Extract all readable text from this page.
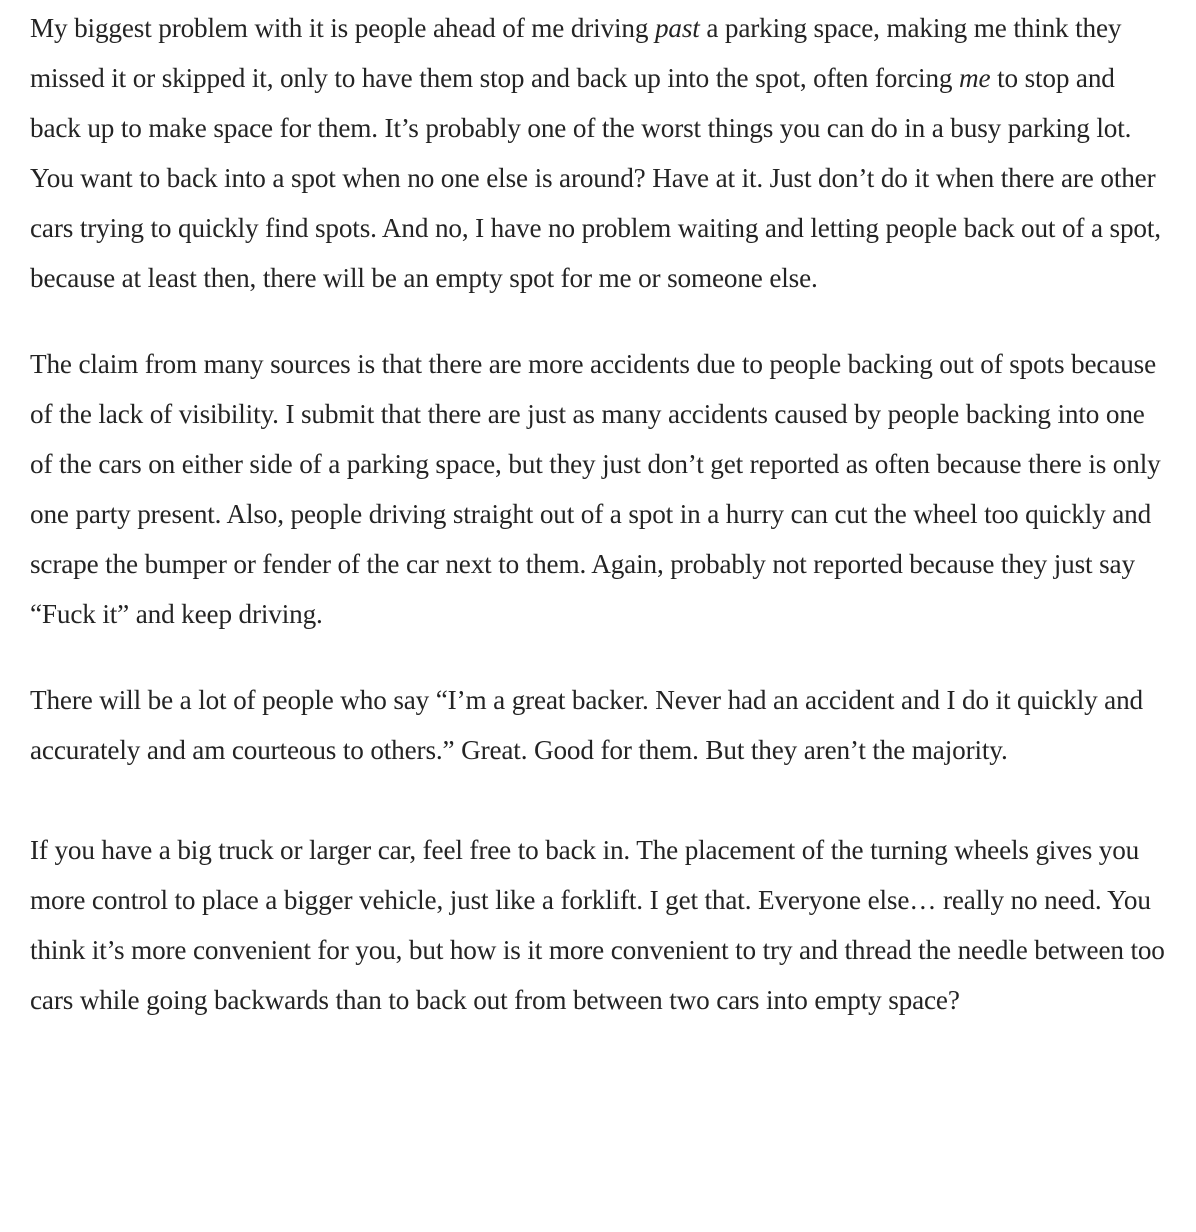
My biggest problem with it is people ahead of me driving past a parking space, making me think they missed it or skipped it, only to have them stop and back up into the spot, often forcing me to stop and back up to make space for them. It’s probably one of the worst things you can do in a busy parking lot. You want to back into a spot when no one else is around? Have at it. Just don’t do it when there are other cars trying to quickly find spots. And no, I have no problem waiting and letting people back out of a spot, because at least then, there will be an empty spot for me or someone else.

The claim from many sources is that there are more accidents due to people backing out of spots because of the lack of visibility. I submit that there are just as many accidents caused by people backing into one of the cars on either side of a parking space, but they just don’t get reported as often because there is only one party present. Also, people driving straight out of a spot in a hurry can cut the wheel too quickly and scrape the bumper or fender of the car next to them. Again, probably not reported because they just say “Fuck it” and keep driving.

There will be a lot of people who say “I’m a great backer. Never had an accident and I do it quickly and accurately and am courteous to others.” Great. Good for them. But they aren’t the majority.

If you have a big truck or larger car, feel free to back in. The placement of the turning wheels gives you more control to place a bigger vehicle, just like a forklift. I get that. Everyone else… really no need. You think it’s more convenient for you, but how is it more convenient to try and thread the needle between too cars while going backwards than to back out from between two cars into empty space?
